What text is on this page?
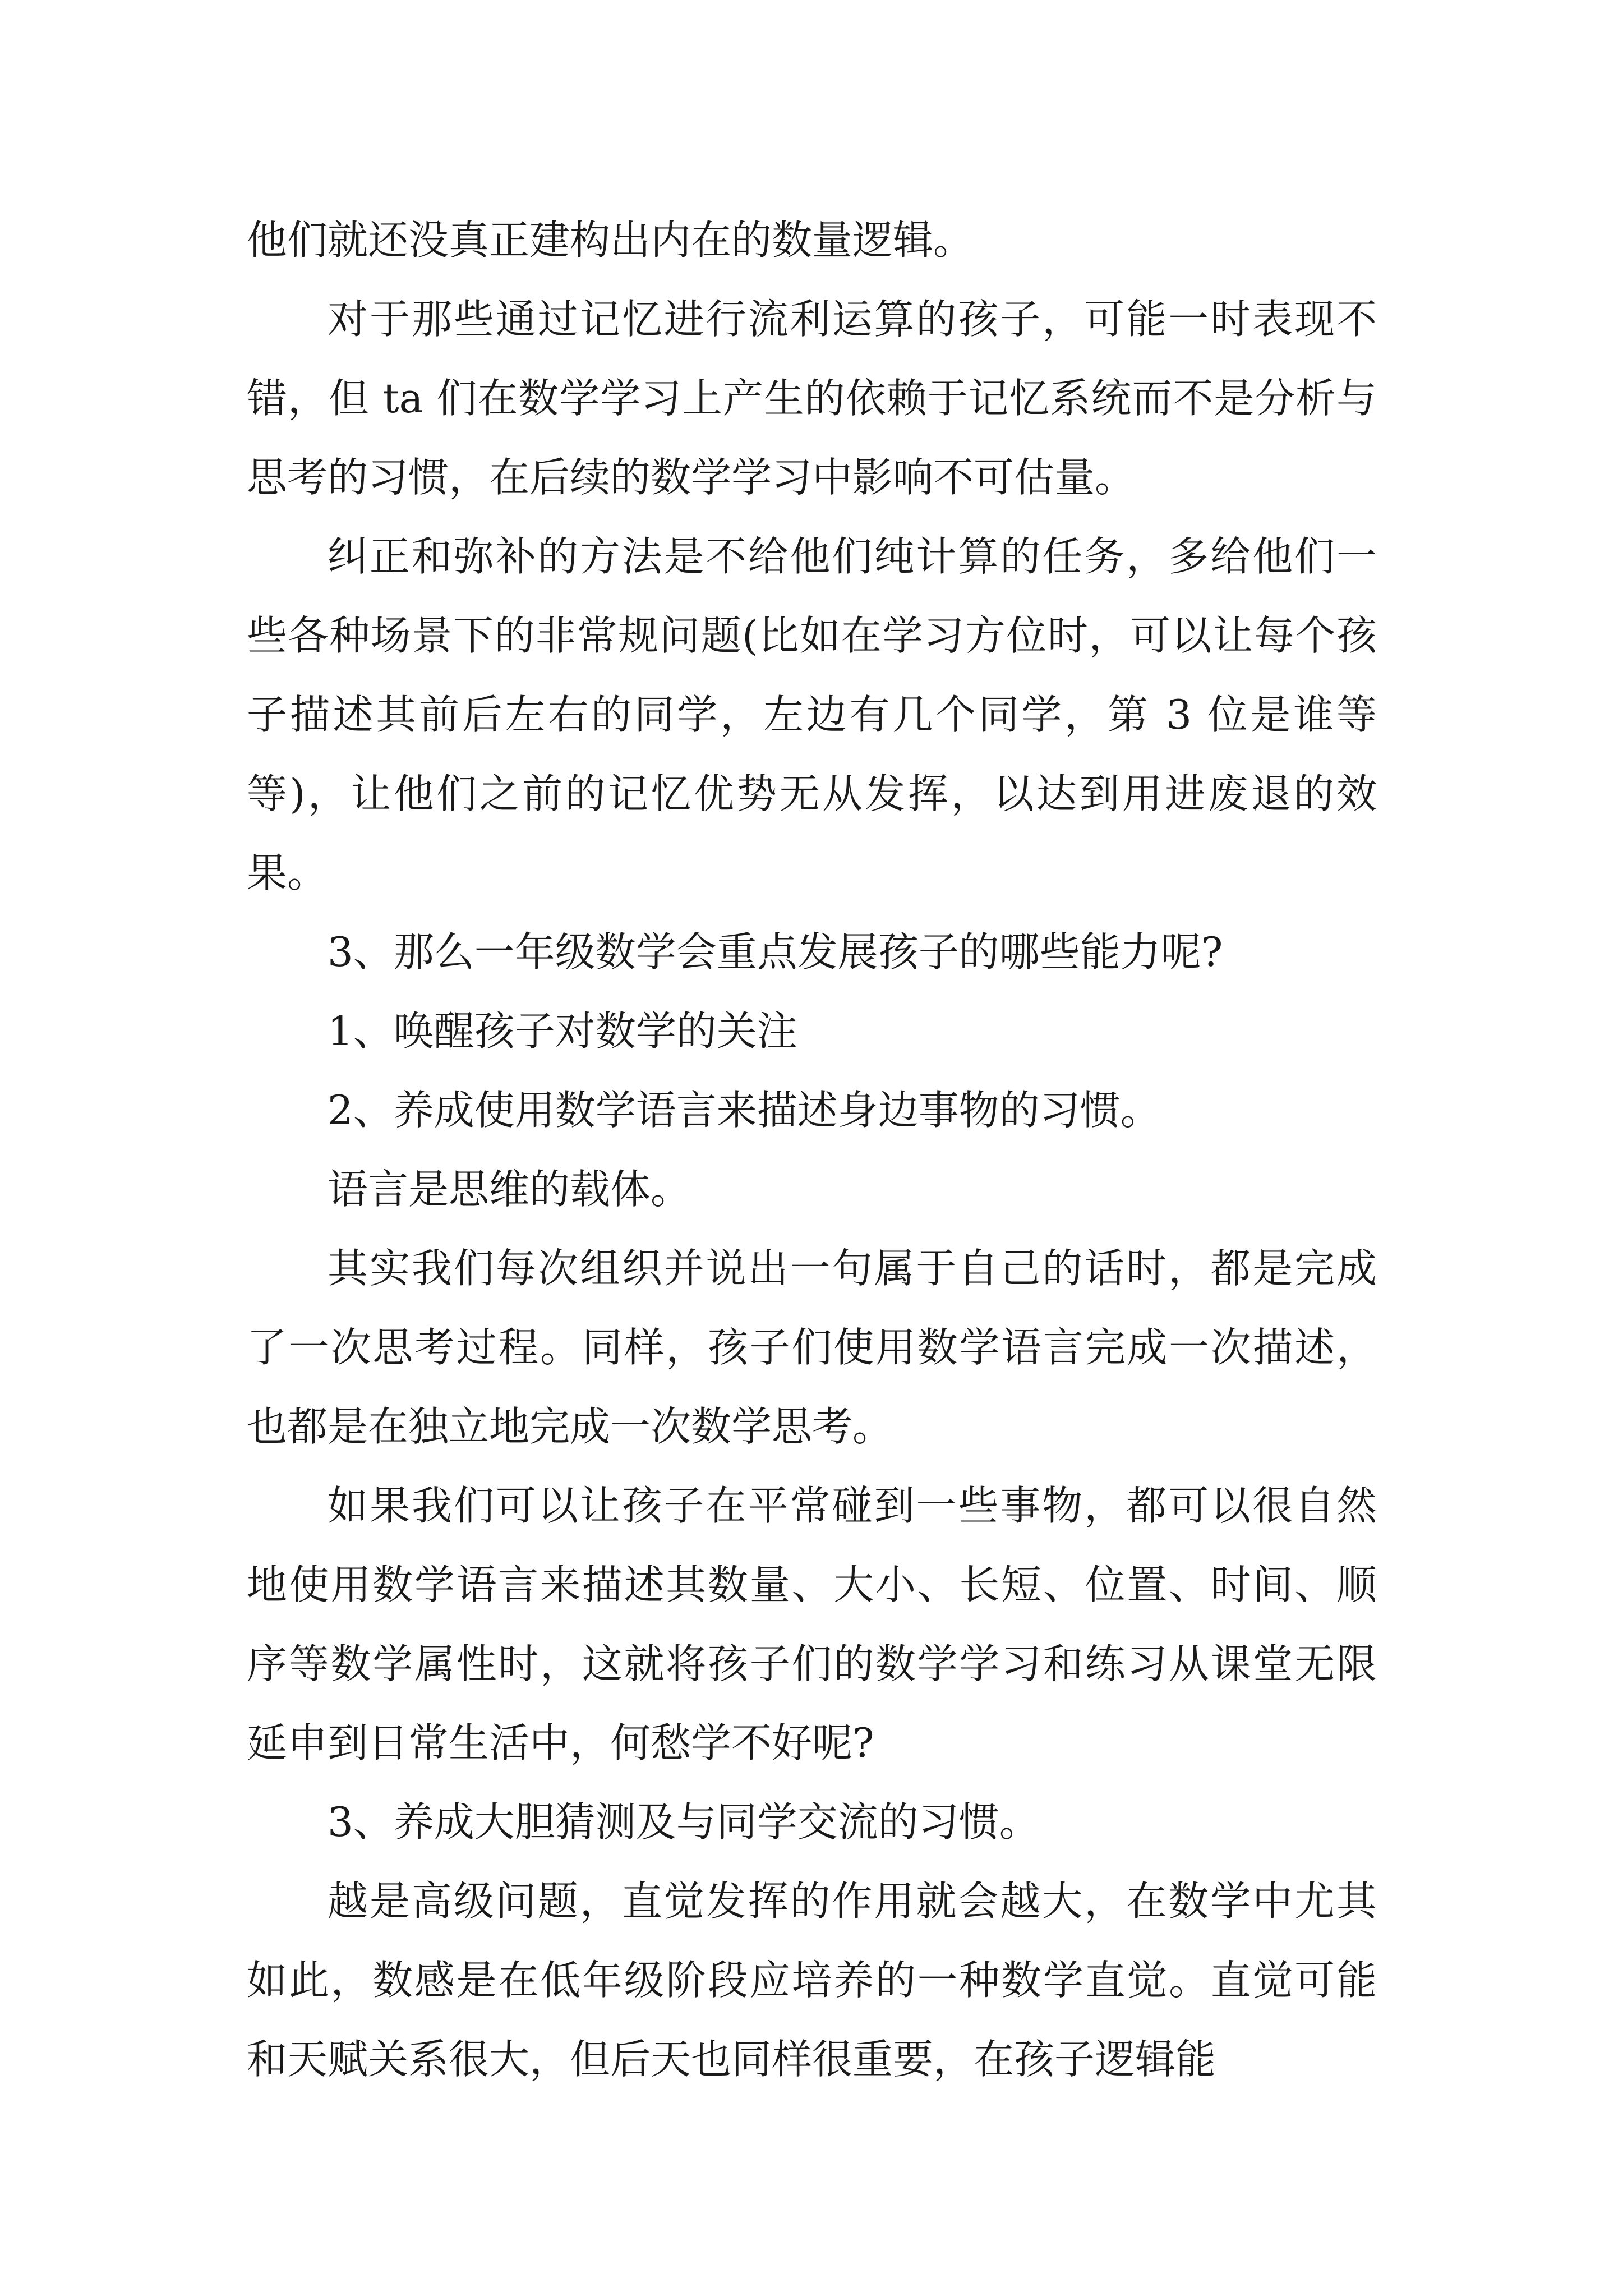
他们就还没真正建构出内在的数量逻辑。

对于那些通过记忆进行流利运算的孩子，可能一时表现不错，但 ta 们在数学学习上产生的依赖于记忆系统而不是分析与思考的习惯，在后续的数学学习中影响不可估量。

纠正和弥补的方法是不给他们纯计算的任务，多给他们一些各种场景下的非常规问题(比如在学习方位时，可以让每个孩子描述其前后左右的同学，左边有几个同学，第 3 位是谁等等)，让他们之前的记忆优势无从发挥，以达到用进废退的效果。

3、那么一年级数学会重点发展孩子的哪些能力呢?

1、唤醒孩子对数学的关注

2、养成使用数学语言来描述身边事物的习惯。

语言是思维的载体。

其实我们每次组织并说出一句属于自己的话时，都是完成了一次思考过程。同样，孩子们使用数学语言完成一次描述，也都是在独立地完成一次数学思考。

如果我们可以让孩子在平常碰到一些事物，都可以很自然地使用数学语言来描述其数量、大小、长短、位置、时间、顺序等数学属性时，这就将孩子们的数学学习和练习从课堂无限延申到日常生活中，何愁学不好呢?

3、养成大胆猜测及与同学交流的习惯。

越是高级问题，直觉发挥的作用就会越大，在数学中尤其如此，数感是在低年级阶段应培养的一种数学直觉。直觉可能和天赋关系很大，但后天也同样很重要，在孩子逻辑能
